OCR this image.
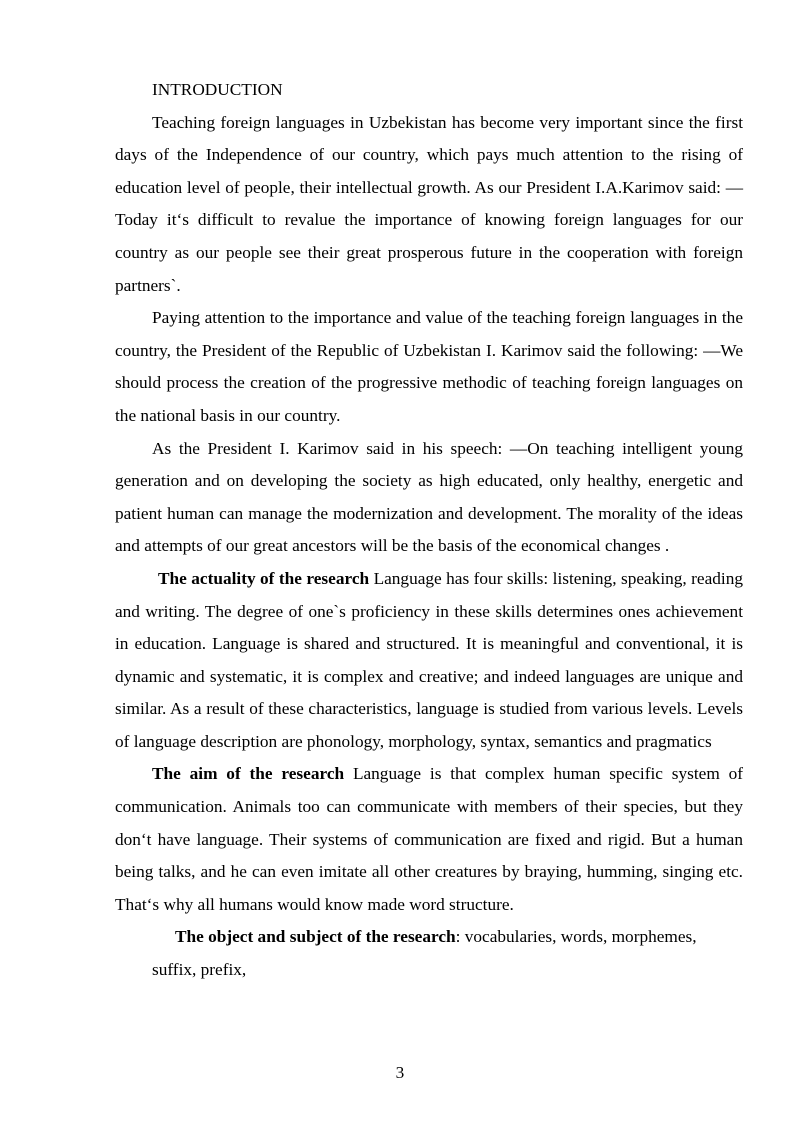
INTRODUCTION

Teaching foreign languages in Uzbekistan has become very important since the first days of the Independence of our country, which pays much attention to the rising of education level of people, their intellectual growth. As our President I.A.Karimov said: —Today it‘s difficult to revalue the importance of knowing foreign languages for our country as our people see their great prosperous future in the cooperation with foreign partners`.

Paying attention to the importance and value of the teaching foreign languages in the country, the President of the Republic of Uzbekistan I. Karimov said the following: —We should process the creation of the progressive methodic of teaching foreign languages on the national basis in our country.

As the President I. Karimov said in his speech: —On teaching intelligent young generation and on developing the society as high educated, only healthy, energetic and patient human can manage the modernization and development. The morality of the ideas and attempts of our great ancestors will be the basis of the economical changes .

The actuality of the research Language has four skills: listening, speaking, reading and writing. The degree of one`s proficiency in these skills determines ones achievement in education. Language is shared and structured. It is meaningful and conventional, it is dynamic and systematic, it is complex and creative; and indeed languages are unique and similar. As a result of these characteristics, language is studied from various levels. Levels of language description are phonology, morphology, syntax, semantics and pragmatics

The aim of the research Language is that complex human specific system of communication. Animals too can communicate with members of their species, but they don‘t have language. Their systems of communication are fixed and rigid. But a human being talks, and he can even imitate all other creatures by braying, humming, singing etc. That‘s why all humans would know made word structure.

The object and subject of the research: vocabularies, words, morphemes,

suffix, prefix,

3
